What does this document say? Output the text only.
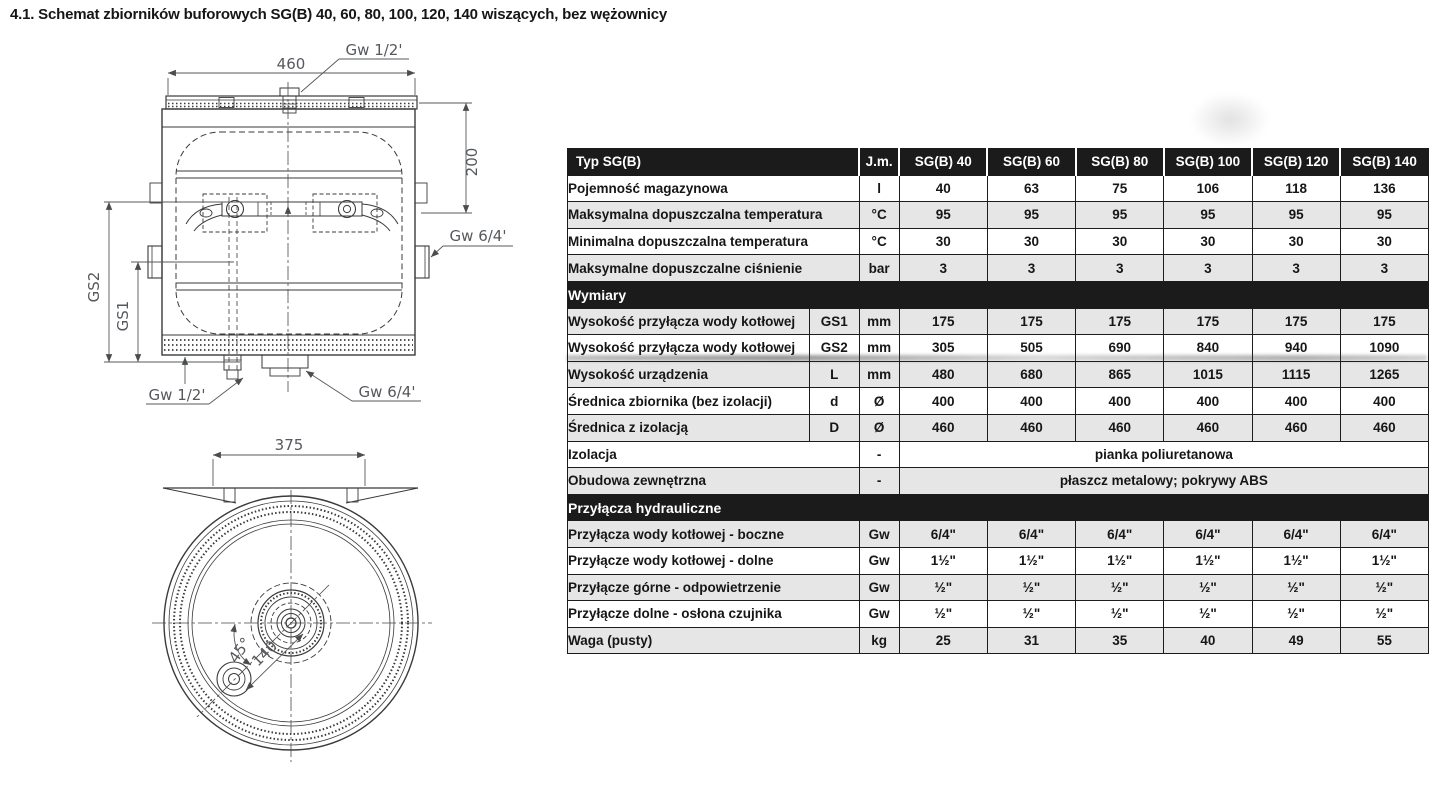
4.1. Schemat zbiorników buforowych SG(B) 40, 60, 80, 100, 120, 140 wiszących, bez wężownicy
460
Gw 1/2'
200
Gw 6/4'
GS2
GS1
Gw 1/2'	Gw 6/4'
375
45°
140
Typ SG(B)		J.m.	SG(B) 40	SG(B) 60	SG(B) 80	SG(B) 100	SG(B) 120	SG(B) 140
Pojemność magazynowa		l	40	63	75	106	118	136
Maksymalna dopuszczalna temperatura		°C	95	95	95	95	95	95
Minimalna dopuszczalna temperatura		°C	30	30	30	30	30	30
Maksymalne dopuszczalne ciśnienie		bar	3	3	3	3	3	3
Wymiary								
Wysokość przyłącza wody kotłowej	GS1	mm	175	175	175	175	175	175
Wysokość przyłącza wody kotłowej	GS2	mm	305	505	690	840	940	1090
Wysokość urządzenia	L	mm	480	680	865	1015	1115	1265
Średnica zbiornika (bez izolacji)	d	Ø	400	400	400	400	400	400
Średnica z izolacją	D	Ø	460	460	460	460	460	460
Izolacja		-	pianka poliuretanowa					
Obudowa zewnętrzna		-	płaszcz metalowy; pokrywy ABS					
Przyłącza hydrauliczne								
Przyłącza wody kotłowej - boczne		Gw	6/4"	6/4"	6/4"	6/4"	6/4"	6/4"
Przyłącze wody kotłowej - dolne		Gw	1½"	1½"	1½"	1½"	1½"	1½"
Przyłącze górne - odpowietrzenie		Gw	½"	½"	½"	½"	½"	½"
Przyłącze dolne - osłona czujnika		Gw	½"	½"	½"	½"	½"	½"
Waga (pusty)		kg	25	31	35	40	49	55
